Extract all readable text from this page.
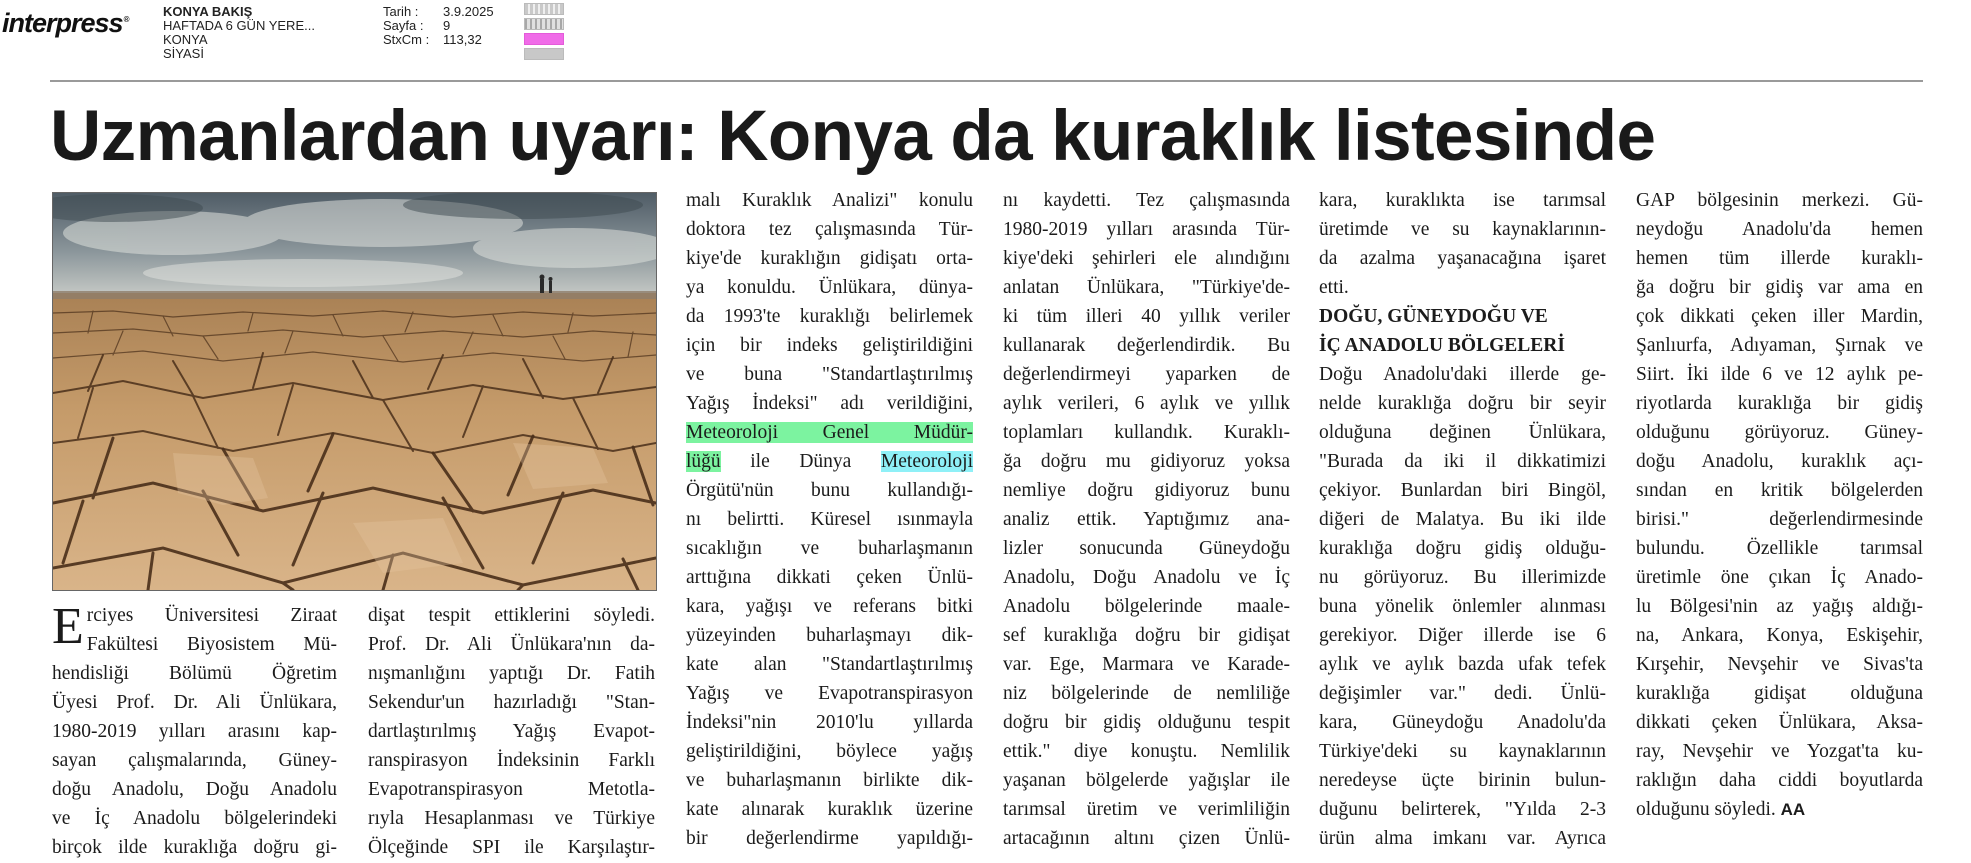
interpress®
KONYA BAKIŞ
HAFTADA 6 GÜN YERE...
KONYA
SİYASİ
Tarih : 3.9.2025
Sayfa : 9
StxCm : 113,32
Uzmanlardan uyarı: Konya da kuraklık listesinde
E rciyes Üniversitesi Ziraat
Fakültesi Biyosistem Mü-
hendisliği Bölümü Öğretim
Üyesi Prof. Dr. Ali Ünlükara,
1980-2019 yılları arasını kap-
sayan çalışmalarında, Güney-
doğu Anadolu, Doğu Anadolu
ve İç Anadolu bölgelerindeki
birçok ilde kuraklığa doğru gi-
dişat tespit ettiklerini söyledi.
Prof. Dr. Ali Ünlükara'nın da-
nışmanlığını yaptığı Dr. Fatih
Sekendur'un hazırladığı "Stan-
dartlaştırılmış Yağış Evapot-
ranspirasyon İndeksinin Farklı
Evapotranspirasyon Metotla-
rıyla Hesaplanması ve Türkiye
Ölçeğinde SPI ile Karşılaştır-
malı Kuraklık Analizi" konulu
doktora tez çalışmasında Tür-
kiye'de kuraklığın gidişatı orta-
ya konuldu. Ünlükara, dünya-
da 1993'te kuraklığı belirlemek
için bir indeks geliştirildiğini
ve buna "Standartlaştırılmış
Yağış İndeksi" adı verildiğini,
Meteoroloji Genel Müdür-
lüğü ile Dünya Meteoroloji
Örgütü'nün bunu kullandığı-
nı belirtti. Küresel ısınmayla
sıcaklığın ve buharlaşmanın
arttığına dikkati çeken Ünlü-
kara, yağışı ve referans bitki
yüzeyinden buharlaşmayı dik-
kate alan "Standartlaştırılmış
Yağış ve Evapotranspirasyon
İndeksi"nin 2010'lu yıllarda
geliştirildiğini, böylece yağış
ve buharlaşmanın birlikte dik-
kate alınarak kuraklık üzerine
bir değerlendirme yapıldığı-
nı kaydetti. Tez çalışmasında
1980-2019 yılları arasında Tür-
kiye'deki şehirleri ele alındığını
anlatan Ünlükara, "Türkiye'de-
ki tüm illeri 40 yıllık veriler
kullanarak değerlendirdik. Bu
değerlendirmeyi yaparken de
aylık verileri, 6 aylık ve yıllık
toplamları kullandık. Kuraklı-
ğa doğru mu gidiyoruz yoksa
nemliye doğru gidiyoruz bunu
analiz ettik. Yaptığımız ana-
lizler sonucunda Güneydoğu
Anadolu, Doğu Anadolu ve İç
Anadolu bölgelerinde maale-
sef kuraklığa doğru bir gidişat
var. Ege, Marmara ve Karade-
niz bölgelerinde de nemliliğe
doğru bir gidiş olduğunu tespit
ettik." diye konuştu. Nemlilik
yaşanan bölgelerde yağışlar ile
tarımsal üretim ve verimliliğin
artacağının altını çizen Ünlü-
kara, kuraklıkta ise tarımsal
üretimde ve su kaynaklarının-
da azalma yaşanacağına işaret
etti.
DOĞU, GÜNEYDOĞU VE
İÇ ANADOLU BÖLGELERİ
Doğu Anadolu'daki illerde ge-
nelde kuraklığa doğru bir seyir
olduğuna değinen Ünlükara,
"Burada da iki il dikkatimizi
çekiyor. Bunlardan biri Bingöl,
diğeri de Malatya. Bu iki ilde
kuraklığa doğru gidiş olduğu-
nu görüyoruz. Bu illerimizde
buna yönelik önlemler alınması
gerekiyor. Diğer illerde ise 6
aylık ve aylık bazda ufak tefek
değişimler var." dedi. Ünlü-
kara, Güneydoğu Anadolu'da
Türkiye'deki su kaynaklarının
neredeyse üçte birinin bulun-
duğunu belirterek, "Yılda 2-3
ürün alma imkanı var. Ayrıca
GAP bölgesinin merkezi. Gü-
neydoğu Anadolu'da hemen
hemen tüm illerde kuraklı-
ğa doğru bir gidiş var ama en
çok dikkati çeken iller Mardin,
Şanlıurfa, Adıyaman, Şırnak ve
Siirt. İki ilde 6 ve 12 aylık pe-
riyotlarda kuraklığa bir gidiş
olduğunu görüyoruz. Güney-
doğu Anadolu, kuraklık açı-
sından en kritik bölgelerden
birisi." değerlendirmesinde
bulundu. Özellikle tarımsal
üretimle öne çıkan İç Anado-
lu Bölgesi'nin az yağış aldığı-
na, Ankara, Konya, Eskişehir,
Kırşehir, Nevşehir ve Sivas'ta
kuraklığa gidişat olduğuna
dikkati çeken Ünlükara, Aksa-
ray, Nevşehir ve Yozgat'ta ku-
raklığın daha ciddi boyutlarda
olduğunu söyledi. AA
